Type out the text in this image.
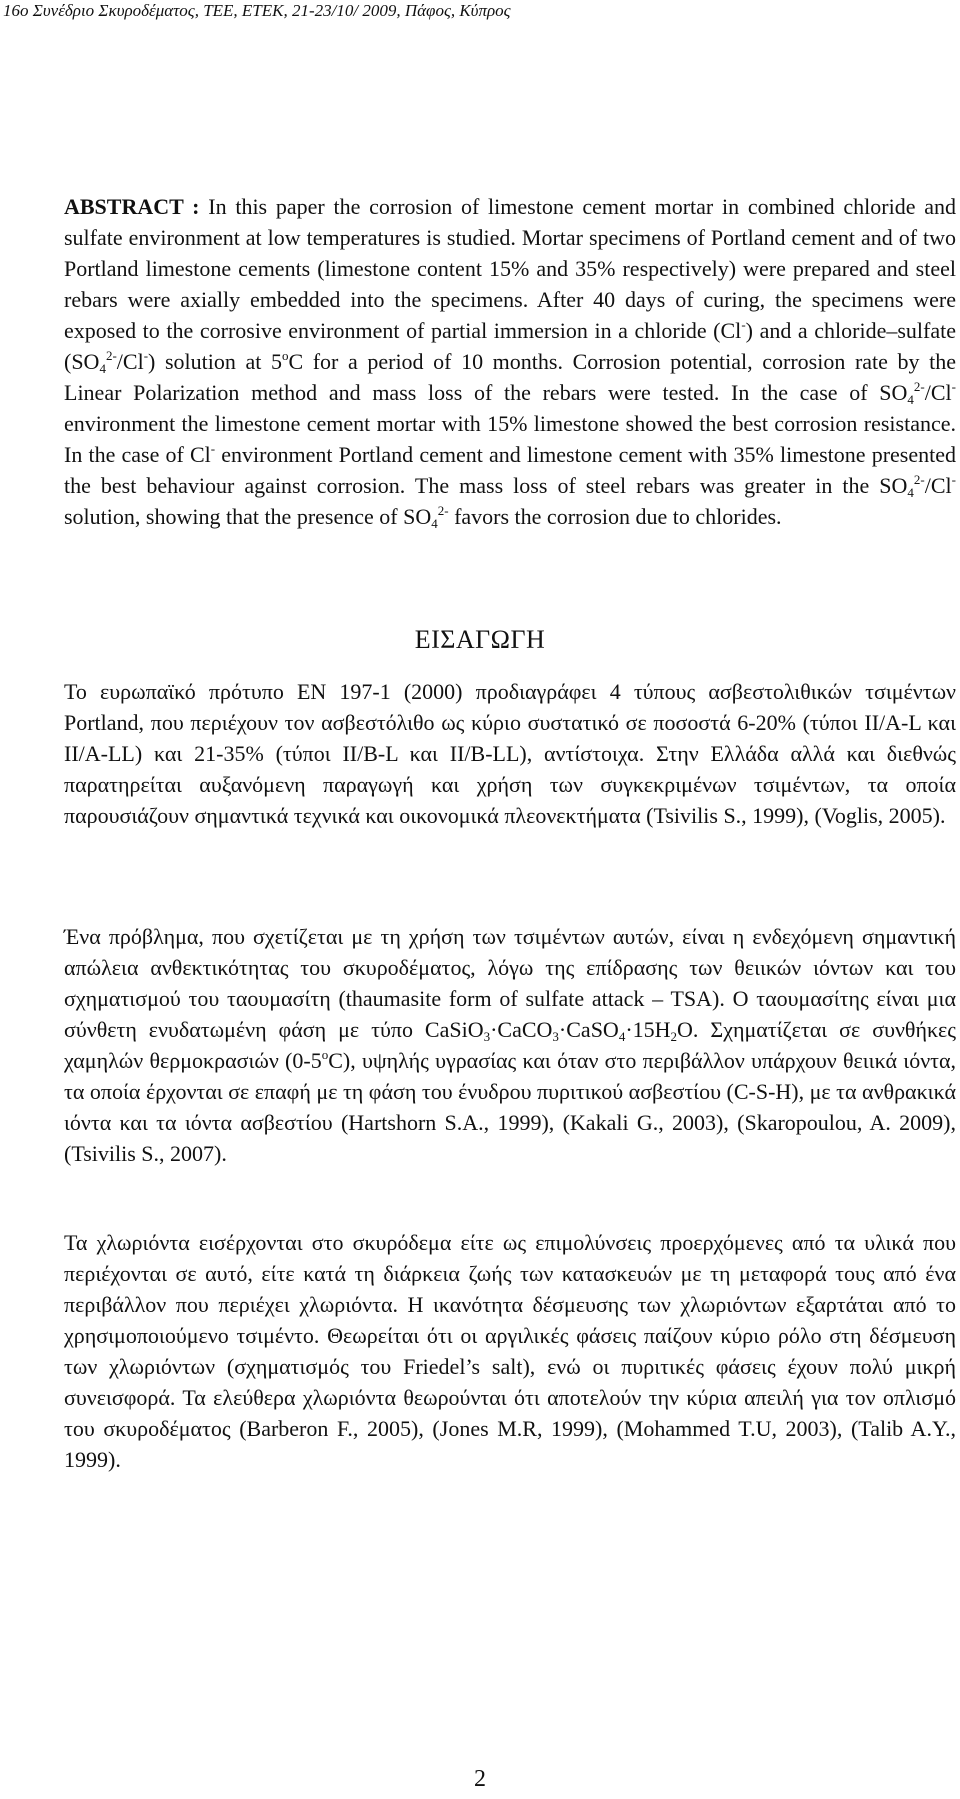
16ο Συνέδριο Σκυροδέματος, ΤΕΕ, ΕΤΕΚ, 21-23/10/ 2009, Πάφος, Κύπρος
ABSTRACT : In this paper the corrosion of limestone cement mortar in combined chloride and sulfate environment at low temperatures is studied. Mortar specimens of Portland cement and of two Portland limestone cements (limestone content 15% and 35% respectively) were prepared and steel rebars were axially embedded into the specimens. After 40 days of curing, the specimens were exposed to the corrosive environment of partial immersion in a chloride (Cl-) and a chloride–sulfate $(SO_4^{2-}/Cl^-)$ solution at 5$^o$C for a period of 10 months. Corrosion potential, corrosion rate by the Linear Polarization method and mass loss of the rebars were tested. In the case of $SO_4^{2-}/Cl^-$ environment the limestone cement mortar with 15% limestone showed the best corrosion resistance. In the case of Cl- environment Portland cement and limestone cement with 35% limestone presented the best behaviour against corrosion. The mass loss of steel rebars was greater in the $SO_4^{2-}/Cl^-$ solution, showing that the presence of $SO_4^{2-}$ favors the corrosion due to chlorides.
ΕΙΣΑΓΩΓΗ
Το ευρωπαϊκό πρότυπο EN 197-1 (2000) προδιαγράφει 4 τύπους ασβεστολιθικών τσιμέντων Portland, που περιέχουν τον ασβεστόλιθο ως κύριο συστατικό σε ποσοστά 6-20% (τύποι II/A-L και II/A-LL) και 21-35% (τύποι II/B-L και II/B-LL), αντίστοιχα. Στην Ελλάδα αλλά και διεθνώς παρατηρείται αυξανόμενη παραγωγή και χρήση των συγκεκριμένων τσιμέντων, τα οποία παρουσιάζουν σημαντικά τεχνικά και οικονομικά πλεονεκτήματα (Tsivilis S., 1999), (Voglis, 2005).
Ένα πρόβλημα, που σχετίζεται με τη χρήση των τσιμέντων αυτών, είναι η ενδεχόμενη σημαντική απώλεια ανθεκτικότητας του σκυροδέματος, λόγω της επίδρασης των θειικών ιόντων και του σχηματισμού του ταουμασίτη (thaumasite form of sulfate attack – TSA). Ο ταουμασίτης είναι μια σύνθετη ενυδατωμένη φάση με τύπο $CaSiO_3\cdot CaCO_3\cdot CaSO_4\cdot 15H_2O$. Σχηματίζεται σε συνθήκες χαμηλών θερμοκρασιών (0-5$^o$C), υψηλής υγρασίας και όταν στο περιβάλλον υπάρχουν θειικά ιόντα, τα οποία έρχονται σε επαφή με τη φάση του ένυδρου πυριτικού ασβεστίου (C-S-H), με τα ανθρακικά ιόντα και τα ιόντα ασβεστίου (Hartshorn S.A., 1999), (Kakali G., 2003), (Skaropoulou, A. 2009), (Tsivilis S., 2007).
Τα χλωριόντα εισέρχονται στο σκυρόδεμα είτε ως επιμολύνσεις προερχόμενες από τα υλικά που περιέχονται σε αυτό, είτε κατά τη διάρκεια ζωής των κατασκευών με τη μεταφορά τους από ένα περιβάλλον που περιέχει χλωριόντα. Η ικανότητα δέσμευσης των χλωριόντων εξαρτάται από το χρησιμοποιούμενο τσιμέντο. Θεωρείται ότι οι αργιλικές φάσεις παίζουν κύριο ρόλο στη δέσμευση των χλωριόντων (σχηματισμός του Friedel’s salt), ενώ οι πυριτικές φάσεις έχουν πολύ μικρή συνεισφορά. Τα ελεύθερα χλωριόντα θεωρούνται ότι αποτελούν την κύρια απειλή για τον οπλισμό του σκυροδέματος (Barberon F., 2005), (Jones M.R, 1999), (Mohammed T.U, 2003), (Talib A.Y., 1999).
2
